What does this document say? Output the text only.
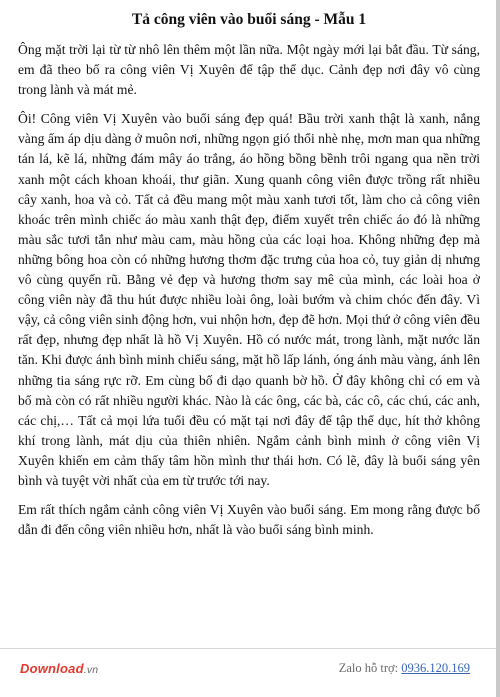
Tả công viên vào buổi sáng - Mẫu 1

Ông mặt trời lại từ từ nhô lên thêm một lần nữa. Một ngày mới lại bắt đầu. Từ sáng, em đã theo bố ra công viên Vị Xuyên để tập thể dục. Cảnh đẹp nơi đây vô cùng trong lành và mát mẻ.

Ôi! Công viên Vị Xuyên vào buổi sáng đẹp quá! Bầu trời xanh thật là xanh, nắng vàng ấm áp dịu dàng ở muôn nơi, những ngọn gió thổi nhè nhẹ, mơn man qua những tán lá, kẽ lá, những đám mây áo trắng, áo hồng bồng bềnh trôi ngang qua nền trời xanh một cách khoan khoái, thư giãn. Xung quanh công viên được trồng rất nhiều cây xanh, hoa và cỏ. Tất cả đều mang một màu xanh tươi tốt, làm cho cả công viên khoác trên mình chiếc áo màu xanh thật đẹp, điểm xuyết trên chiếc áo đó là những màu sắc tươi tắn như màu cam, màu hồng của các loại hoa. Không những đẹp mà những bông hoa còn có những hương thơm đặc trưng của hoa cỏ, tuy giản dị nhưng vô cùng quyến rũ. Bằng vẻ đẹp và hương thơm say mê của mình, các loài hoa ở công viên này đã thu hút được nhiều loài ông, loài bướm và chim chóc đến đây. Vì vậy, cả công viên sinh động hơn, vui nhộn hơn, đẹp đẽ hơn. Mọi thứ ở công viên đều rất đẹp, nhưng đẹp nhất là hồ Vị Xuyên. Hồ có nước mát, trong lành, mặt nước lăn tăn. Khi được ánh bình minh chiếu sáng, mặt hồ lấp lánh, óng ánh màu vàng, ánh lên những tia sáng rực rỡ. Em cùng bố đi dạo quanh bờ hồ. Ở đây không chỉ có em và bố mà còn có rất nhiều người khác. Nào là các ông, các bà, các cô, các chú, các anh, các chị,… Tất cả mọi lứa tuổi đều có mặt tại nơi đây để tập thể dục, hít thở không khí trong lành, mát dịu của thiên nhiên. Ngắm cảnh bình minh ở công viên Vị Xuyên khiến em cảm thấy tâm hồn mình thư thái hơn. Có lẽ, đây là buổi sáng yên bình và tuyệt vời nhất của em từ trước tới nay.

Em rất thích ngắm cảnh công viên Vị Xuyên vào buổi sáng. Em mong rằng được bố dẫn đi đến công viên nhiều hơn, nhất là vào buổi sáng bình minh.

Download.vn	Zalo hỗ trợ: 0936.120.169
